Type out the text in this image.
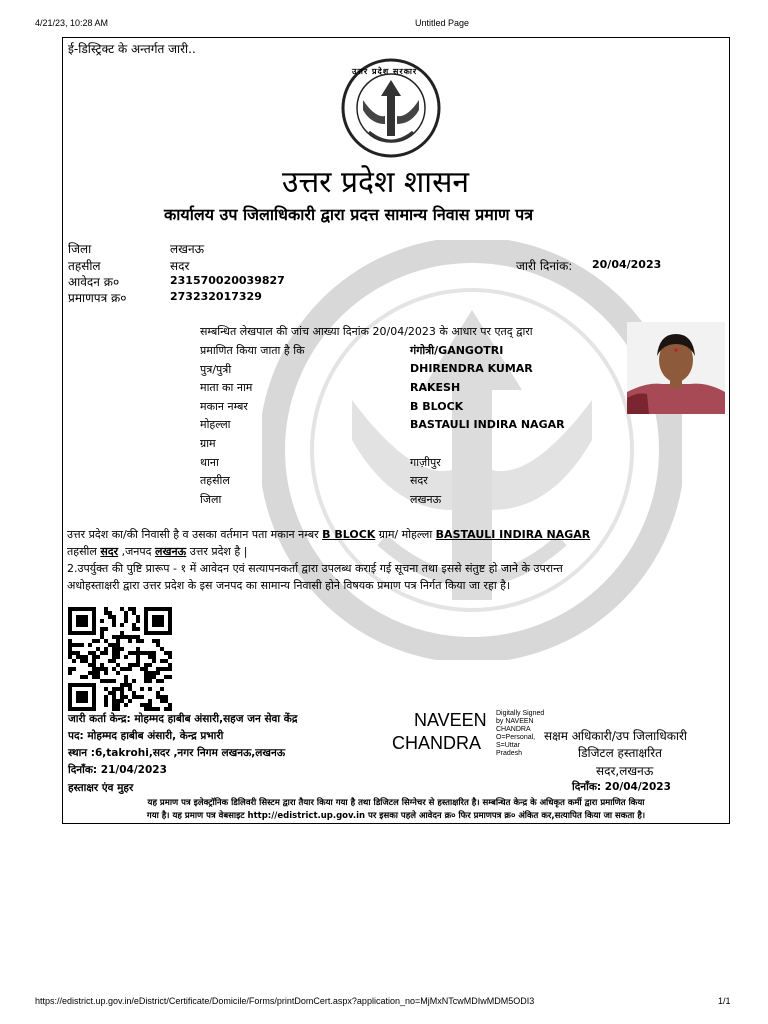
4/21/23, 10:28 AM	Untitled Page
https://edistrict.up.gov.in/eDistrict/Certificate/Domicile/Forms/printDomCert.aspx?application_no=MjMxNTcwMDIwMDM5ODI3	1/1
ई-डिस्ट्रिक्ट के अन्तर्गत जारी..
उत्तर प्रदेश सरकार
उत्तर प्रदेश शासन
कार्यालय उप जिलाधिकारी द्वारा प्रदत्त सामान्य निवास प्रमाण पत्र
जिला	लखनऊ
तहसील	सदर
आवेदन क्र०	231570020039827
प्रमाणपत्र क्र०	273232017329
जारी दिनांक: 20/04/2023
सम्बन्धित लेखपाल की जांच आख्या दिनांक 20/04/2023 के आधार पर एतद् द्वारा
प्रमाणित किया जाता है कि	गंगोत्री/GANGOTRI
पुत्र/पुत्री	DHIRENDRA KUMAR
माता का नाम	RAKESH
मकान नम्बर	B BLOCK
मोहल्ला	BASTAULI INDIRA NAGAR
ग्राम
थाना	गाज़ीपुर
तहसील	सदर
जिला	लखनऊ
उत्तर प्रदेश का/की निवासी है व उसका वर्तमान पता मकान नम्बर B BLOCK ग्राम/ मोहल्ला BASTAULI INDIRA NAGAR
तहसील सदर ,जनपद लखनऊ उत्तर प्रदेश है |
2.उपर्युक्त की पुष्टि प्रारूप - १ में आवेदन एवं सत्यापनकर्ता द्वारा उपलब्ध कराई गई सूचना तथा इससे संतुष्ट हो जाने के उपरान्त
अधोहस्ताक्षरी द्वारा उत्तर प्रदेश के इस जनपद का सामान्य निवासी होने विषयक प्रमाण पत्र निर्गत किया जा रहा है।
जारी कर्ता केन्द्र: मोहम्मद हाबीब अंसारी,सहज जन सेवा केंद्र
पद: मोहम्मद हाबीब अंसारी, केन्द्र प्रभारी
स्थान :6,takrohi,सदर ,नगर निगम लखनऊ,लखनऊ
दिनाँक: 21/04/2023
हस्ताक्षर एंव मुहर
NAVEEN
CHANDRA
Digitally Signed by NAVEEN CHANDRA O=Personal, S=Uttar Pradesh
सक्षम अधिकारी/उप जिलाधिकारी
डिजिटल हस्ताक्षरित
सदर,लखनऊ
दिनाँक: 20/04/2023
यह प्रमाण पत्र इलेक्ट्रॉनिक डिलिवरी सिस्टम द्वारा तैयार किया गया है तथा डिजिटल सिग्नेचर से हस्ताक्षरित है। सम्बन्धित केन्द्र के अधिकृत कर्मी द्वारा प्रमाणित किया
गया है। यह प्रमाण पत्र वेबसाइट http://edistrict.up.gov.in पर इसका पहले आवेदन क्र० फिर प्रमाणपत्र क्र० अंकित कर,सत्यापित किया जा सकता है।
